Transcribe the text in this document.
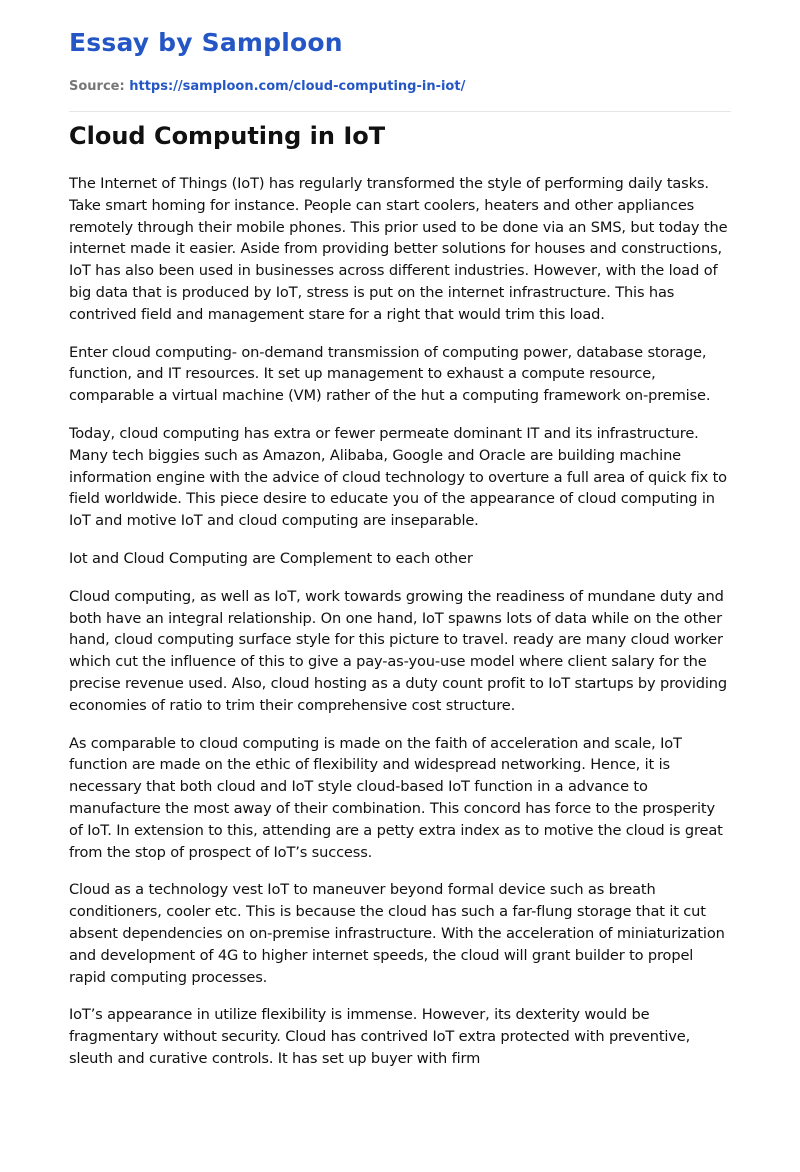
Essay by Samploon
Source: https://samploon.com/cloud-computing-in-iot/
Cloud Computing in IoT

The Internet of Things (IoT) has regularly transformed the style of performing daily tasks. Take smart homing for instance. People can start coolers, heaters and other appliances remotely through their mobile phones. This prior used to be done via an SMS, but today the internet made it easier. Aside from providing better solutions for houses and constructions, IoT has also been used in businesses across different industries. However, with the load of big data that is produced by IoT, stress is put on the internet infrastructure. This has contrived field and management stare for a right that would trim this load.

Enter cloud computing- on-demand transmission of computing power, database storage, function, and IT resources. It set up management to exhaust a compute resource, comparable a virtual machine (VM) rather of the hut a computing framework on-premise.

Today, cloud computing has extra or fewer permeate dominant IT and its infrastructure. Many tech biggies such as Amazon, Alibaba, Google and Oracle are building machine information engine with the advice of cloud technology to overture a full area of quick fix to field worldwide. This piece desire to educate you of the appearance of cloud computing in IoT and motive IoT and cloud computing are inseparable.

Iot and Cloud Computing are Complement to each other

Cloud computing, as well as IoT, work towards growing the readiness of mundane duty and both have an integral relationship. On one hand, IoT spawns lots of data while on the other hand, cloud computing surface style for this picture to travel. ready are many cloud worker which cut the influence of this to give a pay-as-you-use model where client salary for the precise revenue used. Also, cloud hosting as a duty count profit to IoT startups by providing economies of ratio to trim their comprehensive cost structure.

As comparable to cloud computing is made on the faith of acceleration and scale, IoT function are made on the ethic of flexibility and widespread networking. Hence, it is necessary that both cloud and IoT style cloud-based IoT function in a advance to manufacture the most away of their combination. This concord has force to the prosperity of IoT. In extension to this, attending are a petty extra index as to motive the cloud is great from the stop of prospect of IoT’s success.

Cloud as a technology vest IoT to maneuver beyond formal device such as breath conditioners, cooler etc. This is because the cloud has such a far-flung storage that it cut absent dependencies on on-premise infrastructure. With the acceleration of miniaturization and development of 4G to higher internet speeds, the cloud will grant builder to propel rapid computing processes.

IoT’s appearance in utilize flexibility is immense. However, its dexterity would be fragmentary without security. Cloud has contrived IoT extra protected with preventive, sleuth and curative controls. It has set up buyer with firm
